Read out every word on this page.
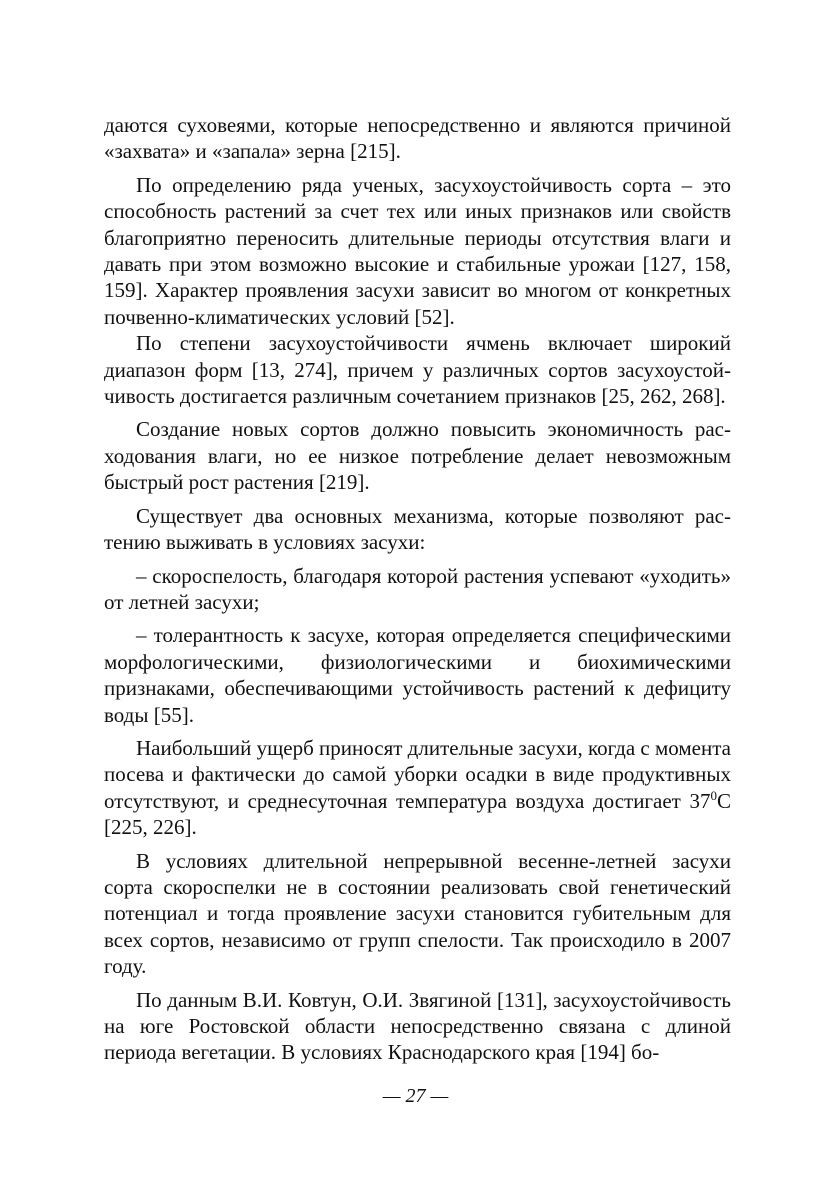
даются суховеями, которые непосредственно и являются причиной «захвата» и «запала» зерна [215].

По определению ряда ученых, засухоустойчивость сорта – это способность растений за счет тех или иных признаков или свойств благоприятно переносить длительные периоды отсутствия влаги и давать при этом возможно высокие и стабильные урожаи [127, 158, 159]. Характер проявления засухи зависит во многом от конкретных почвенно-климатических условий [52].

По степени засухоустойчивости ячмень включает широкий диапазон форм [13, 274], причем у различных сортов засухоустойчивость достигается различным сочетанием признаков [25, 262, 268].

Создание новых сортов должно повысить экономичность расходования влаги, но ее низкое потребление делает невозможным быстрый рост растения [219].

Существует два основных механизма, которые позволяют растению выживать в условиях засухи:

– скороспелость, благодаря которой растения успевают «уходить» от летней засухи;

– толерантность к засухе, которая определяется специфическими морфологическими, физиологическими и биохимическими признаками, обеспечивающими устойчивость растений к дефициту воды [55].

Наибольший ущерб приносят длительные засухи, когда с момента посева и фактически до самой уборки осадки в виде продуктивных отсутствуют, и среднесуточная температура воздуха достигает $37^0С$ [225, 226].

В условиях длительной непрерывной весенне-летней засухи сорта скороспелки не в состоянии реализовать свой генетический потенциал и тогда проявление засухи становится губительным для всех сортов, независимо от групп спелости. Так происходило в 2007 году.

По данным В.И. Ковтун, О.И. Звягиной [131], засухоустойчивость на юге Ростовской области непосредственно связана с длиной периода вегетации. В условиях Краснодарского края [194] бо-

— 27 —
